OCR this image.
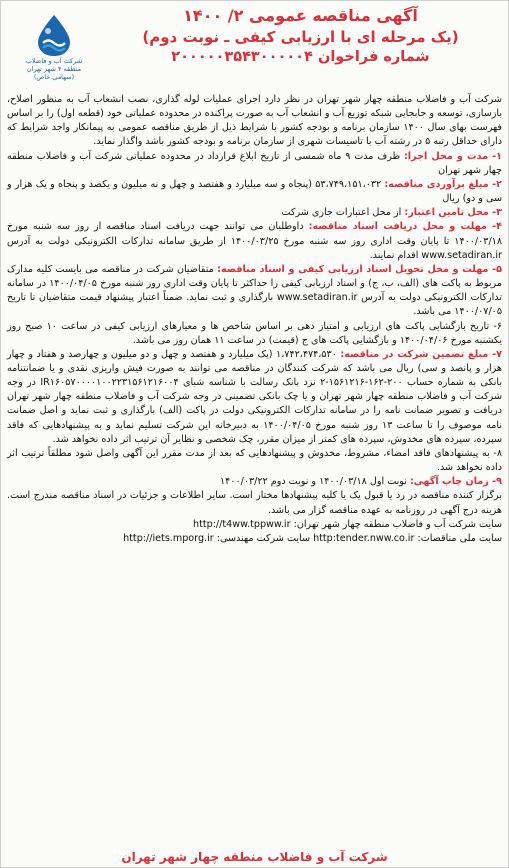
شرکت آب و فاضلاب
منطقه ۴ شهر تهران
(سهامی خاص)
آگهی مناقصه عمومی ۲/ ۱۴۰۰
(یک مرحله ای با ارزیابی کیفی ـ نوبت دوم)
شماره فراخوان ۲۰۰۰۰۰۳۵۴۳۰۰۰۰۰۴

شرکت آب و فاضلاب منطقه چهار شهر تهران در نظر دارد اجرای عملیات لوله گذاری، نصب انشعاب آب به منظور اصلاح، بازسازی، توسعه و جابجایی شبکه توزیع آب و انشعاب آب به صورت پراکنده در محدوده عملیاتی خود (قطعه اول) را بر اساس فهرست بهای سال ۱۴۰۰ سازمان برنامه و بودجه کشور با شرایط ذیل از طریق مناقصه عمومی به پیمانکار واجد شرایط که دارای حداقل رتبه ۵ در رشته آب با تاسیسات شهری از سازمان برنامه و بودجه کشور باشد واگذار نماید.

۱- مدت و محل اجرا: ظرف مدت ۹ ماه شمسی از تاریخ ابلاغ قرارداد در محدوده عملیاتی شرکت آب و فاضلاب منطقه چهار شهر تهران

۲- مبلغ برآوردی مناقصه: ۵۳،۷۴۹،۱۵۱،۰۳۲ (پنجاه و سه میلیارد و هفتصد و چهل و نه میلیون و یکصد و پنجاه و یک هزار و سی و دو) ریال

۳- محل تامین اعتبار: از محل اعتبارات جاری شرکت

۴- مهلت و محل دریافت اسناد مناقصه: داوطلبان می توانند جهت دریافت اسناد مناقصه از روز سه شنبه مورخ ۱۴۰۰/۰۳/۱۸ تا پایان وقت اداری روز سه شنبه مورخ ۱۴۰۰/۰۳/۲۵ از طریق سامانه تدارکات الکترونیکی دولت به آدرس www.setadiran.ir اقدام نمایند.

۵- مهلت و محل تحویل اسناد ارزیابی کیفی و اسناد مناقصه: متقاضیان شرکت در مناقصه می بایست کلیه مدارک مربوط به پاکت های (الف، ب، ج) و اسناد ارزیابی کیفی را حداکثر تا پایان وقت اداری روز شنبه مورخ ۱۴۰۰/۰۴/۰۵ در سامانه تدارکات الکترونیکی دولت به آدرس www.setadiran.ir بارگذاری و ثبت نماید. ضمناً اعتبار پیشنهاد قیمت متقاضیان تا تاریخ ۱۴۰۰/۰۷/۰۵ می باشد.

۶- تاریخ بازگشایی پاکت های ارزیابی و امتیاز دهی بر اساس شاخص ها و معیارهای ارزیابی کیفی در ساعت ۱۰ صبح روز یکشنبه مورخ ۱۴۰۰/۰۴/۰۶ و بازگشایی پاکت های ج (قیمت) در ساعت ۱۱ همان روز می باشد.

۷- مبلغ تضمین شرکت در مناقصه: ۱،۷۴۲،۴۷۴،۵۳۰ (یک میلیارد و هفتصد و چهل و دو میلیون و چهارصد و هفتاد و چهار هزار و پانصد و سی) ریال می باشد که شرکت کنندگان در مناقصه می توانند به صورت فیش واریزی نقدی و یا ضمانتنامه بانکی به شماره حساب ۲۰۰-۱۶۲-۱۵۶۱۲۱۶-۲ نزد بانک رسالت با شناسه شبای IR۱۶۰۵۷۰۰۰۰۱۰۰۲۲۳۱۵۶۱۲۱۶۰۰۴ در وجه شرکت آب و فاضلاب منطقه چهار شهر تهران و یا چک بانکی تضمینی در وجه شرکت آب و فاضلاب منطقه چهار شهر تهران دریافت و تصویر ضمانت نامه را در سامانه تدارکات الکترونیکی دولت در پاکت (الف) بارگذاری و ثبت نماید و اصل ضمانت نامه موصوف را تا ساعت ۱۳ روز شنبه مورخ ۱۴۰۰/۰۴/۰۵ به دبیرخانه این شرکت تسلیم نماید و به پیشنهادهایی که فاقد سپرده، سپرده های مخدوش، سپرده های کمتر از میزان مقرر، چک شخصی و نظایر آن ترتیب اثر داده نخواهد شد.

۸- به پیشنهادهای فاقد امضاء، مشروط، مخدوش و پیشنهادهایی که بعد از مدت مقرر این آگهی واصل شود مطلقاً ترتیب اثر داده نخواهد شد.

۹- زمان چاپ آگهی: نوبت اول ۱۴۰۰/۰۳/۱۸ و نوبت دوم ۱۴۰۰/۰۳/۲۲

برگزار کننده مناقصه در رد یا قبول یک یا کلیه پیشنهادها مختار است. سایر اطلاعات و جزئیات در اسناد مناقصه مندرج است. هزینه درج آگهی در روزنامه به عهده مناقصه گزار می باشد.

سایت شرکت آب و فاضلاب منطقه چهار شهر تهران: http://t4ww.tppww.ir

سایت ملی مناقصات: http:tender.nww.co.ir سایت شرکت مهندسی: http://iets.mporg.ir

شرکت آب و فاضلاب منطقه چهار شهر تهران
